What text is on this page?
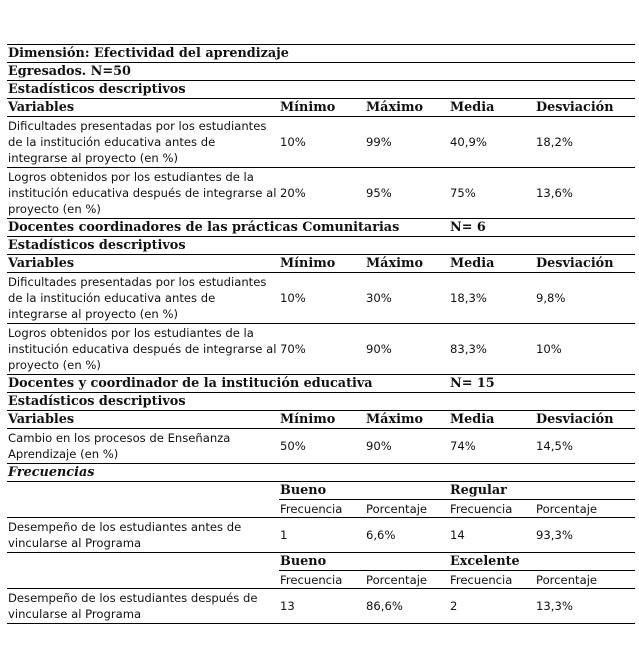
Dimensión: Efectividad del aprendizaje				
Egresados. N=50				
Estadísticos descriptivos				
Variables	Mínimo	Máximo	Media	Desviación
Dificultades presentadas por los estudiantes de la institución educativa antes de integrarse al proyecto (en %)	10%	99%	40,9%	18,2%
Logros obtenidos por los estudiantes de la institución educativa después de integrarse al proyecto (en %)	20%	95%	75%	13,6%
Docentes coordinadores de las prácticas Comunitarias			N= 6	
Estadísticos descriptivos				
Variables	Mínimo	Máximo	Media	Desviación
Dificultades presentadas por los estudiantes de la institución educativa antes de integrarse al proyecto (en %)	10%	30%	18,3%	9,8%
Logros obtenidos por los estudiantes de la institución educativa después de integrarse al proyecto (en %)	70%	90%	83,3%	10%
Docentes y coordinador de la institución educativa			N= 15	
Estadísticos descriptivos				
Variables	Mínimo	Máximo	Media	Desviación
Cambio en los procesos de Enseñanza Aprendizaje (en %)	50%	90%	74%	14,5%
Frecuencias				
	Bueno		Regular	
	Frecuencia	Porcentaje	Frecuencia	Porcentaje
Desempeño de los estudiantes antes de vincularse al Programa	1	6,6%	14	93,3%
	Bueno		Excelente	
	Frecuencia	Porcentaje	Frecuencia	Porcentaje
Desempeño de los estudiantes después de vincularse al Programa	13	86,6%	2	13,3%
